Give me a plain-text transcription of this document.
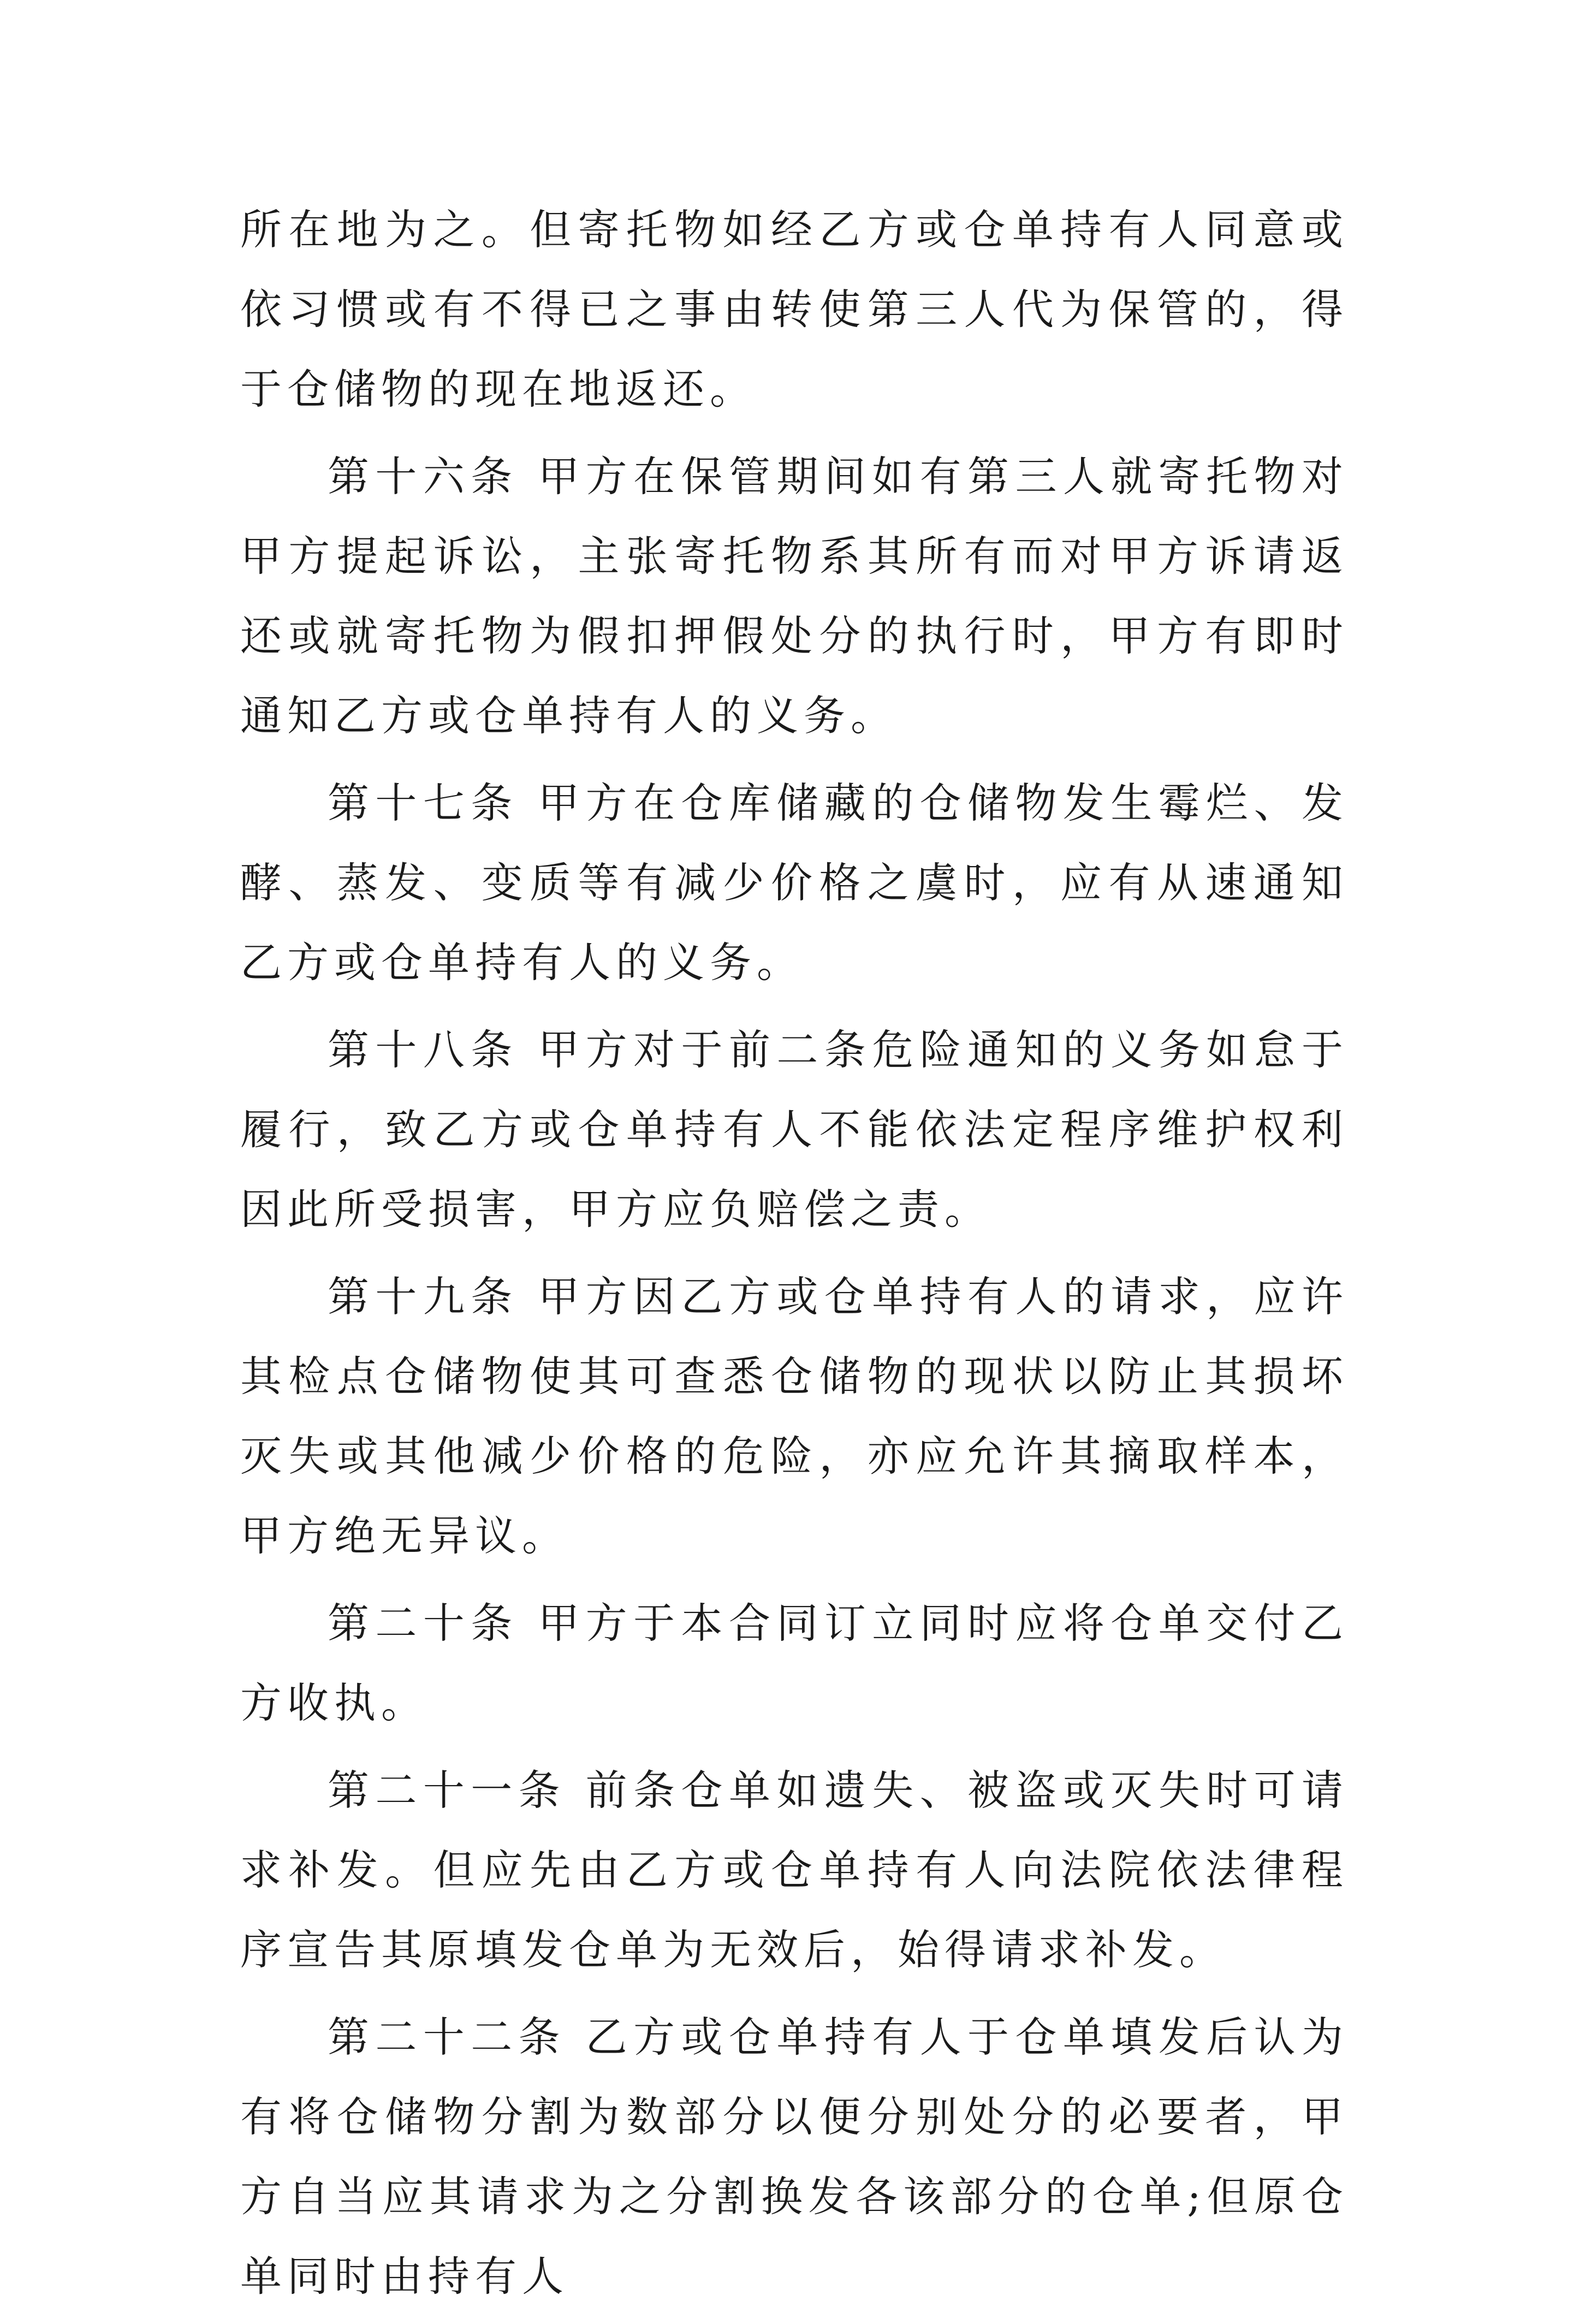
所在地为之。但寄托物如经乙方或仓单持有人同意或依习惯或有不得已之事由转使第三人代为保管的，得于仓储物的现在地返还。

第十六条 甲方在保管期间如有第三人就寄托物对甲方提起诉讼，主张寄托物系其所有而对甲方诉请返还或就寄托物为假扣押假处分的执行时，甲方有即时通知乙方或仓单持有人的义务。

第十七条 甲方在仓库储藏的仓储物发生霉烂、发酵、蒸发、变质等有减少价格之虞时，应有从速通知乙方或仓单持有人的义务。

第十八条 甲方对于前二条危险通知的义务如怠于履行，致乙方或仓单持有人不能依法定程序维护权利因此所受损害，甲方应负赔偿之责。

第十九条 甲方因乙方或仓单持有人的请求，应许其检点仓储物使其可查悉仓储物的现状以防止其损坏灭失或其他减少价格的危险，亦应允许其摘取样本，甲方绝无异议。

第二十条 甲方于本合同订立同时应将仓单交付乙方收执。

第二十一条 前条仓单如遗失、被盗或灭失时可请求补发。但应先由乙方或仓单持有人向法院依法律程序宣告其原填发仓单为无效后，始得请求补发。

第二十二条 乙方或仓单持有人于仓单填发后认为有将仓储物分割为数部分以便分别处分的必要者，甲方自当应其请求为之分割换发各该部分的仓单;但原仓单同时由持有人
